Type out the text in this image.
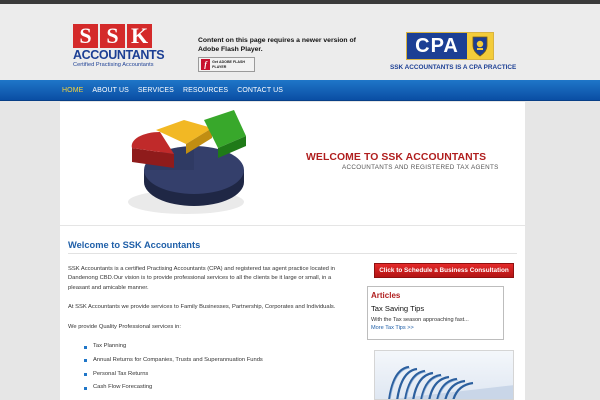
S S K
ACCOUNTANTS
Certified Practising Accountants
Content on this page requires a newer version of Adobe Flash Player.
f	Get ADOBE FLASH PLAYER
CPA
SSK ACCOUNTANTS IS A CPA PRACTICE
HOME ABOUT US SERVICES RESOURCES CONTACT US
WELCOME TO SSK ACCOUNTANTS
ACCOUNTANTS AND REGISTERED TAX AGENTS
Welcome to SSK Accountants

SSK Accountants is a certified Practising Accountants (CPA) and registered tax agent practice located in Dandenong CBD.Our vision is to provide professional services to all the clients be it large or small, in a pleasant and amicable manner.

At SSK Accountants we provide services to Family Businesses, Partnership, Corporates and Individuals.

We provide Quality Professional services in:

Tax Planning
Annual Returns for Companies, Trusts and Superannuation Funds
Personal Tax Returns
Cash Flow Forecasting
Click to Schedule a Business Consultation
Articles
Tax Saving Tips
With the Tax season approaching fast...
More Tax Tips >>
